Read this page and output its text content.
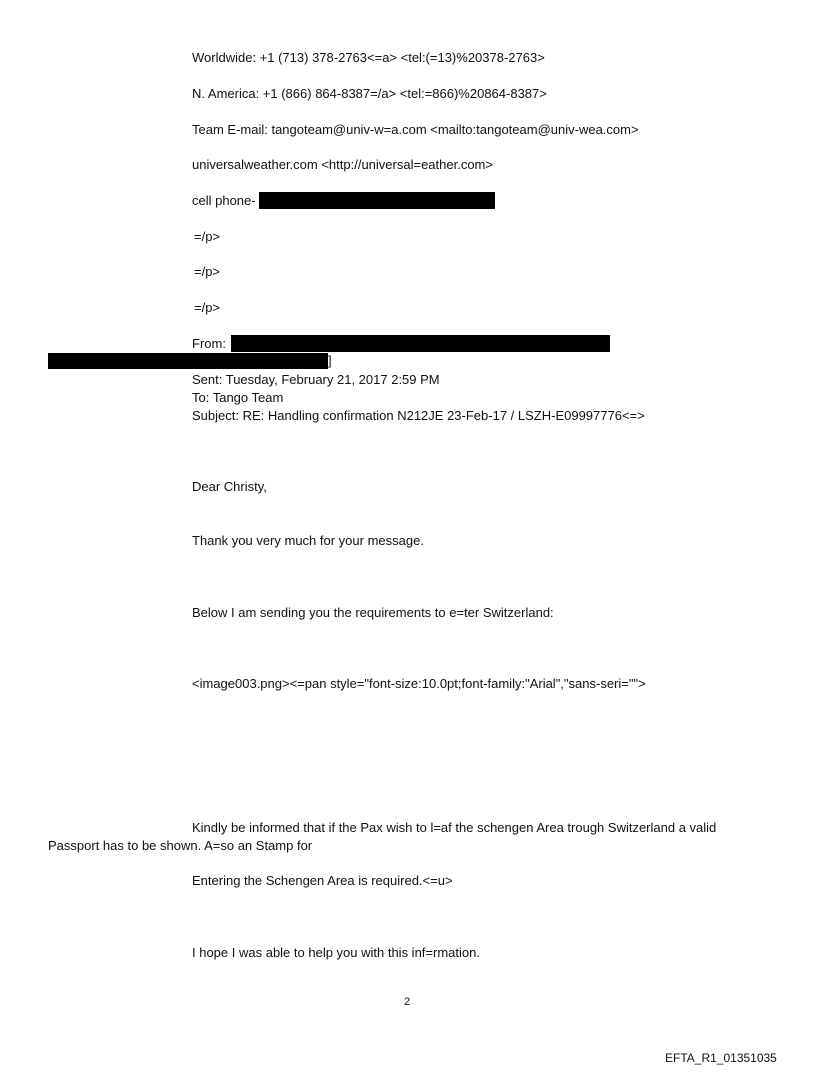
Worldwide: +1 (713) 378-2763<=a> <tel:(=13)%20378-2763>
N. America: +1 (866) 864-8387=/a> <tel:=866)%20864-8387>
Team E-mail: tangoteam@univ-w=a.com <mailto:tangoteam@univ-wea.com>
universalweather.com <http://universal=eather.com>
cell phone-
=/p>
=/p>
=/p>
From:
]
Sent: Tuesday, February 21, 2017 2:59 PM
To: Tango Team
Subject: RE: Handling confirmation N212JE 23-Feb-17 / LSZH-E09997776<=>
Dear Christy,
Thank you very much for your message.
Below I am sending you the requirements to e=ter Switzerland:
<image003.png><=pan style="font-size:10.0pt;font-family:"Arial","sans-seri="">
Kindly be informed that if the Pax wish to l=af the schengen Area trough Switzerland a valid
Passport has to be shown. A=so an Stamp for
Entering the Schengen Area is required.<=u>
I hope I was able to help you with this inf=rmation.
2
EFTA_R1_01351035
